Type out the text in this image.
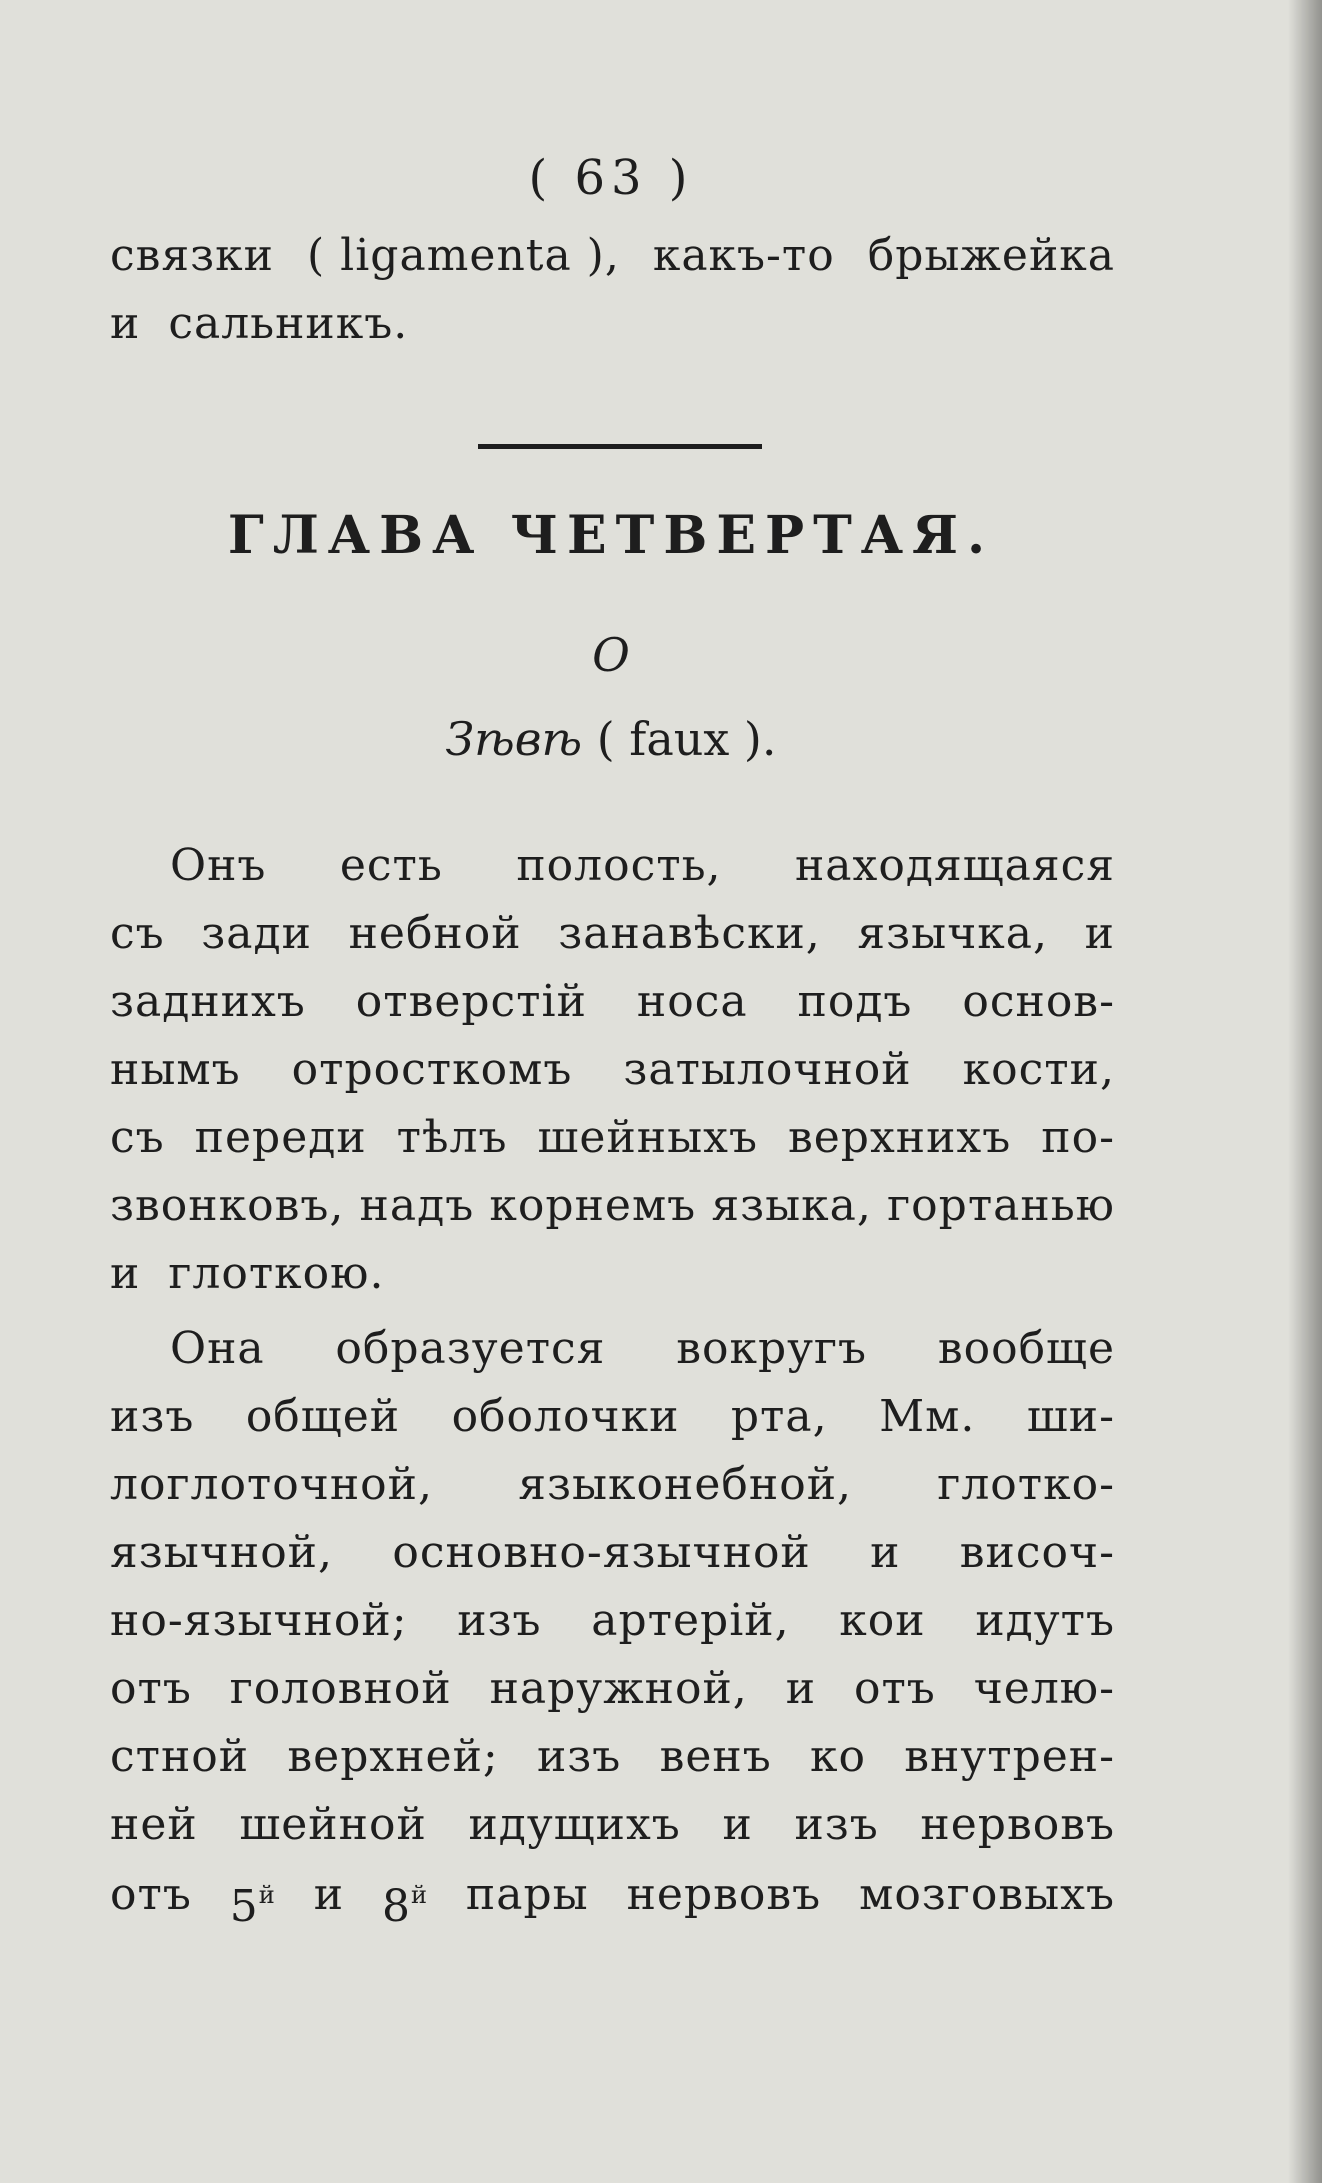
( 63 )
связки ( ligamenta ), какъ-то брыжейка
и сальникъ.
ГЛАВА ЧЕТВЕРТАЯ.
О
Зѣвѣ ( faux ).
Онъ есть полость, находящаяся
съ зади небной занавѣски, язычка, и
заднихъ отверстій носа подъ основ-
нымъ отросткомъ затылочной кости,
съ переди тѣлъ шейныхъ верхнихъ по-
звонковъ, надъ корнемъ языка, гортанью
и глоткою.
Она образуется вокругъ вообще
изъ общей оболочки рта, Мм. ши-
логлоточной, языконебной, глотко-
язычной, основно-язычной и височ-
но-язычной; изъ артерій, кои идутъ
отъ головной наружной, и отъ челю-
стной верхней; изъ венъ ко внутрен-
ней шейной идущихъ и изъ нервовъ
отъ $5^й$ и $8^й$ пары нервовъ мозговыхъ
